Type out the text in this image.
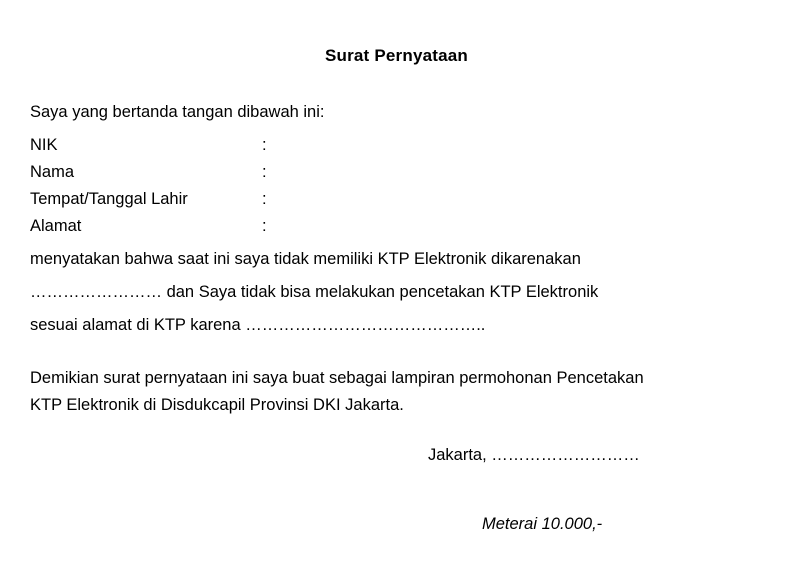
Surat Pernyataan
Saya yang bertanda tangan dibawah ini:
NIK	:
Nama	:
Tempat/Tanggal Lahir	:
Alamat	:
menyatakan bahwa saat ini saya tidak memiliki KTP Elektronik dikarenakan
…………………… dan Saya tidak bisa melakukan pencetakan KTP Elektronik
sesuai alamat di KTP karena ……………………………………..
Demikian surat pernyataan ini saya buat sebagai lampiran permohonan Pencetakan
KTP Elektronik di Disdukcapil Provinsi DKI Jakarta.
Jakarta, ………………………
Meterai 10.000,-
